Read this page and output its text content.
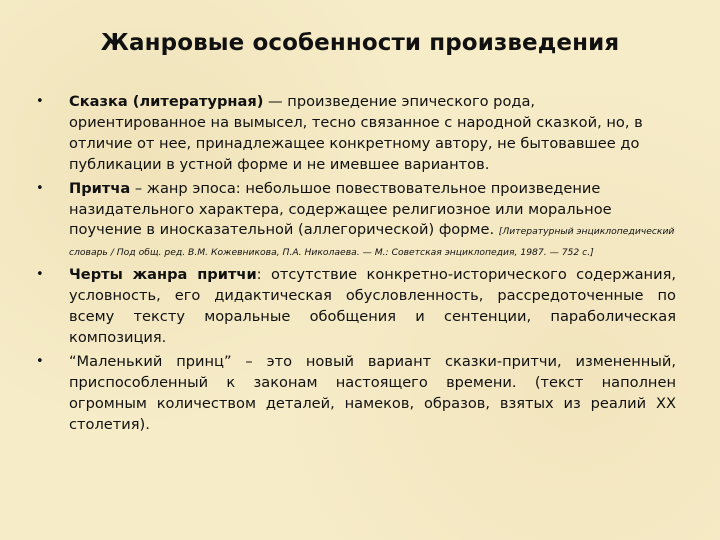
Жанровые особенности произведения
•	Сказка (литературная) — произведение эпического рода, ориентированное на вымысел, тесно связанное с народной сказкой, но, в отличие от нее, принадлежащее конкретному автору, не бытовавшее до публикации в устной форме и не имевшее вариантов.
•	Притча – жанр эпоса: небольшое повествовательное произведение назидательного характера, содержащее религиозное или моральное поучение в иносказательной (аллегорической) форме. [Литературный энциклопедический словарь / Под общ. ред. В.М. Кожевникова, П.А. Николаева. — М.: Советская энциклопедия, 1987. — 752 с.]
•	Черты жанра притчи: отсутствие конкретно-исторического содержания, условность, его дидактическая обусловленность, рассредоточенные по всему тексту моральные обобщения и сентенции, параболическая композиция.
•	“Маленький принц” – это новый вариант сказки-притчи, измененный, приспособленный к законам настоящего времени. (текст наполнен огромным количеством деталей, намеков, образов, взятых из реалий XX столетия).
